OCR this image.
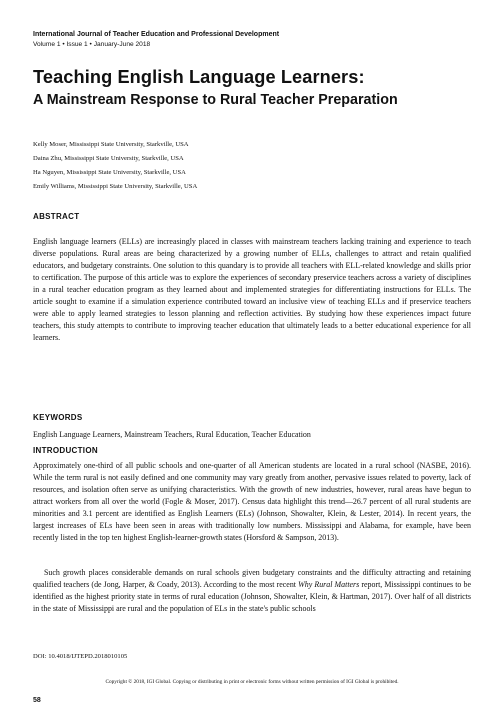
International Journal of Teacher Education and Professional Development
Volume 1 • Issue 1 • January-June 2018
Teaching English Language Learners:
A Mainstream Response to Rural Teacher Preparation
Kelly Moser, Mississippi State University, Starkville, USA
Daina Zhu, Mississippi State University, Starkville, USA
Ha Nguyen, Mississippi State University, Starkville, USA
Emily Williams, Mississippi State University, Starkville, USA
ABSTRACT
English language learners (ELLs) are increasingly placed in classes with mainstream teachers lacking training and experience to teach diverse populations. Rural areas are being characterized by a growing number of ELLs, challenges to attract and retain qualified educators, and budgetary constraints. One solution to this quandary is to provide all teachers with ELL-related knowledge and skills prior to certification. The purpose of this article was to explore the experiences of secondary preservice teachers across a variety of disciplines in a rural teacher education program as they learned about and implemented strategies for differentiating instructions for ELLs. The article sought to examine if a simulation experience contributed toward an inclusive view of teaching ELLs and if preservice teachers were able to apply learned strategies to lesson planning and reflection activities. By studying how these experiences impact future teachers, this study attempts to contribute to improving teacher education that ultimately leads to a better educational experience for all learners.
KEYWORDS
English Language Learners, Mainstream Teachers, Rural Education, Teacher Education
INTRODUCTION
Approximately one-third of all public schools and one-quarter of all American students are located in a rural school (NASBE, 2016). While the term rural is not easily defined and one community may vary greatly from another, pervasive issues related to poverty, lack of resources, and isolation often serve as unifying characteristics. With the growth of new industries, however, rural areas have begun to attract workers from all over the world (Fogle & Moser, 2017). Census data highlight this trend—26.7 percent of all rural students are minorities and 3.1 percent are identified as English Learners (ELs) (Johnson, Showalter, Klein, & Lester, 2014). In recent years, the largest increases of ELs have been seen in areas with traditionally low numbers. Mississippi and Alabama, for example, have been recently listed in the top ten highest English-learner-growth states (Horsford & Sampson, 2013).
Such growth places considerable demands on rural schools given budgetary constraints and the difficulty attracting and retaining qualified teachers (de Jong, Harper, & Coady, 2013). According to the most recent Why Rural Matters report, Mississippi continues to be identified as the highest priority state in terms of rural education (Johnson, Showalter, Klein, & Hartman, 2017). Over half of all districts in the state of Mississippi are rural and the population of ELs in the state's public schools
DOI: 10.4018/IJTEPD.2018010105
Copyright © 2018, IGI Global. Copying or distributing in print or electronic forms without written permission of IGI Global is prohibited.
58
